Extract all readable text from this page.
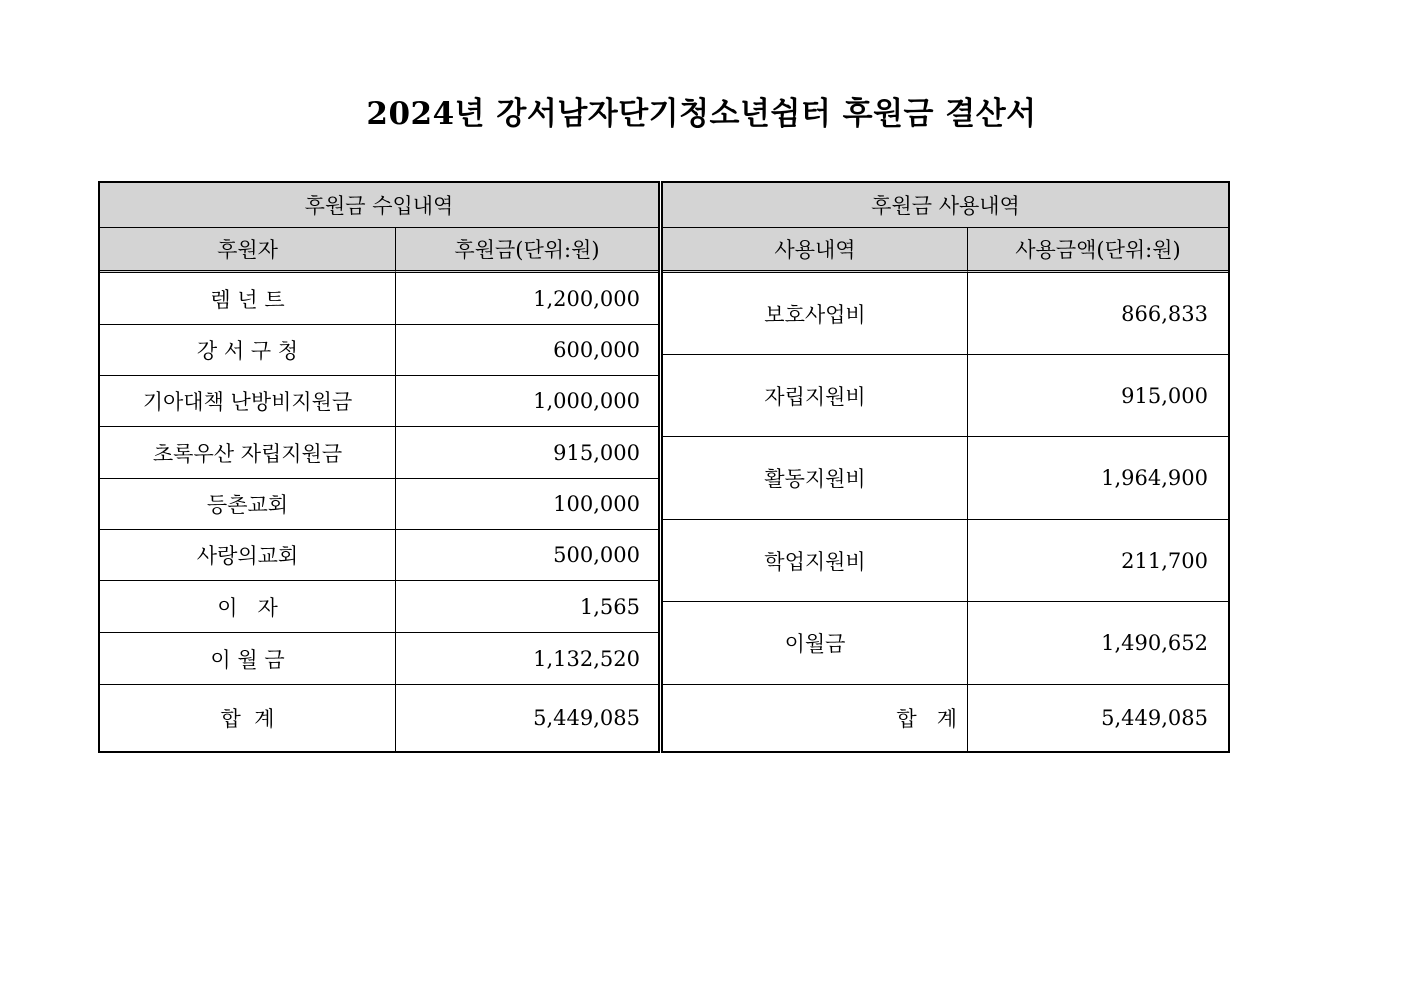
2024년 강서남자단기청소년쉼터 후원금 결산서
후원금 수입내역
후원자	후원금(단위:원)
렘 넌 트	1,200,000
강 서 구 청	600,000
기아대책 난방비지원금	1,000,000
초록우산 자립지원금	915,000
등촌교회	100,000
사랑의교회	500,000
이   자	1,565
이 월 금	1,132,520
합  계	5,449,085
후원금 사용내역
사용내역	사용금액(단위:원)
보호사업비	866,833
자립지원비	915,000
활동지원비	1,964,900
학업지원비	211,700
이월금	1,490,652
합   계	5,449,085
